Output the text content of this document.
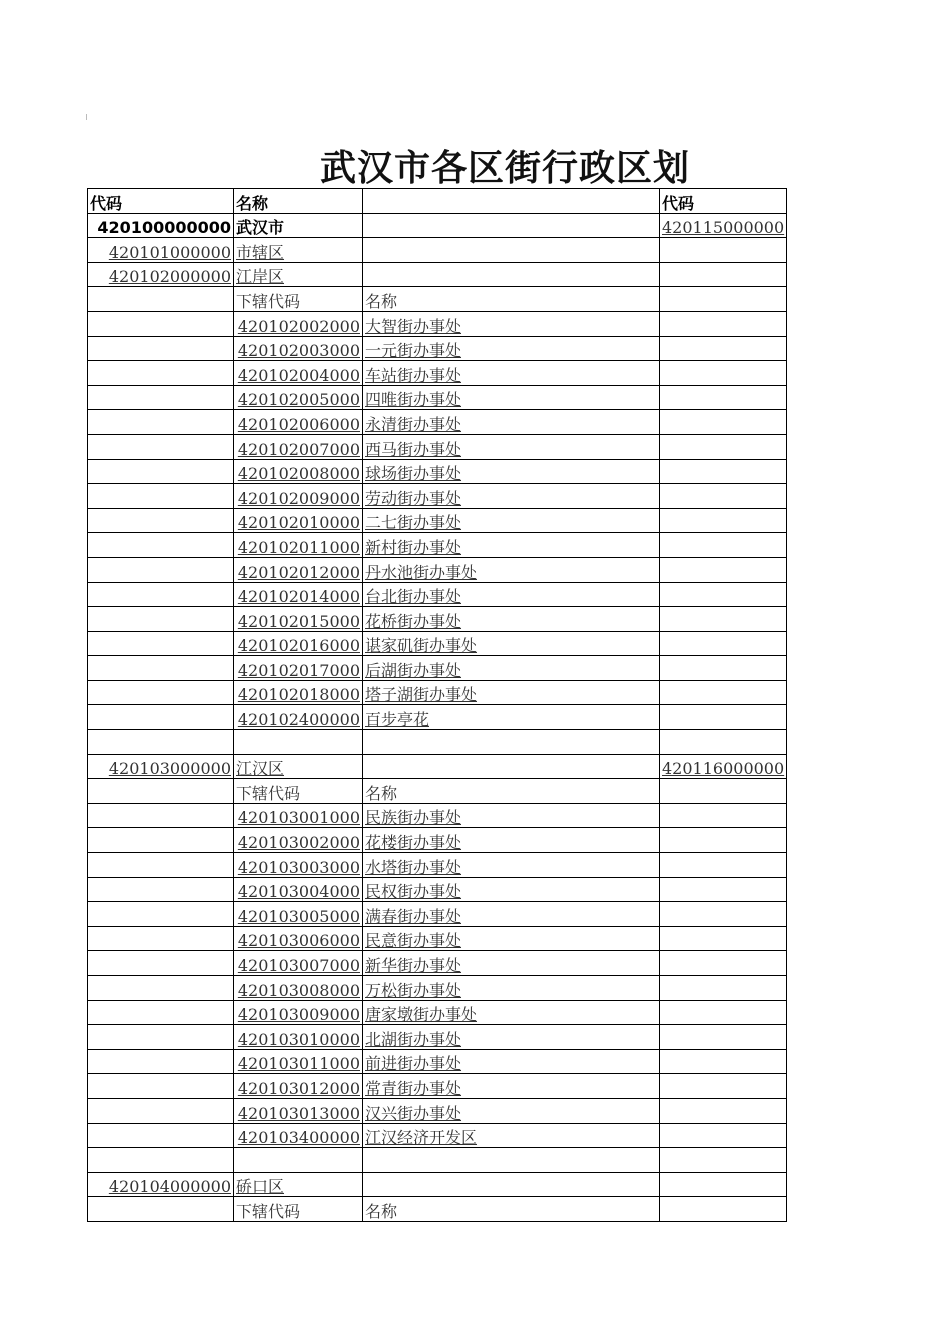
武汉市各区街行政区划
代码	名称		代码
420100000000	武汉市		420115000000
420101000000	市辖区		
420102000000	江岸区		
	下辖代码	名称	
	420102002000	大智街办事处	
	420102003000	一元街办事处	
	420102004000	车站街办事处	
	420102005000	四唯街办事处	
	420102006000	永清街办事处	
	420102007000	西马街办事处	
	420102008000	球场街办事处	
	420102009000	劳动街办事处	
	420102010000	二七街办事处	
	420102011000	新村街办事处	
	420102012000	丹水池街办事处	
	420102014000	台北街办事处	
	420102015000	花桥街办事处	
	420102016000	谌家矶街办事处	
	420102017000	后湖街办事处	
	420102018000	塔子湖街办事处	
	420102400000	百步亭花	

420103000000	江汉区		420116000000
	下辖代码	名称	
	420103001000	民族街办事处	
	420103002000	花楼街办事处	
	420103003000	水塔街办事处	
	420103004000	民权街办事处	
	420103005000	满春街办事处	
	420103006000	民意街办事处	
	420103007000	新华街办事处	
	420103008000	万松街办事处	
	420103009000	唐家墩街办事处	
	420103010000	北湖街办事处	
	420103011000	前进街办事处	
	420103012000	常青街办事处	
	420103013000	汉兴街办事处	
	420103400000	江汉经济开发区	

420104000000	硚口区		
	下辖代码	名称	
